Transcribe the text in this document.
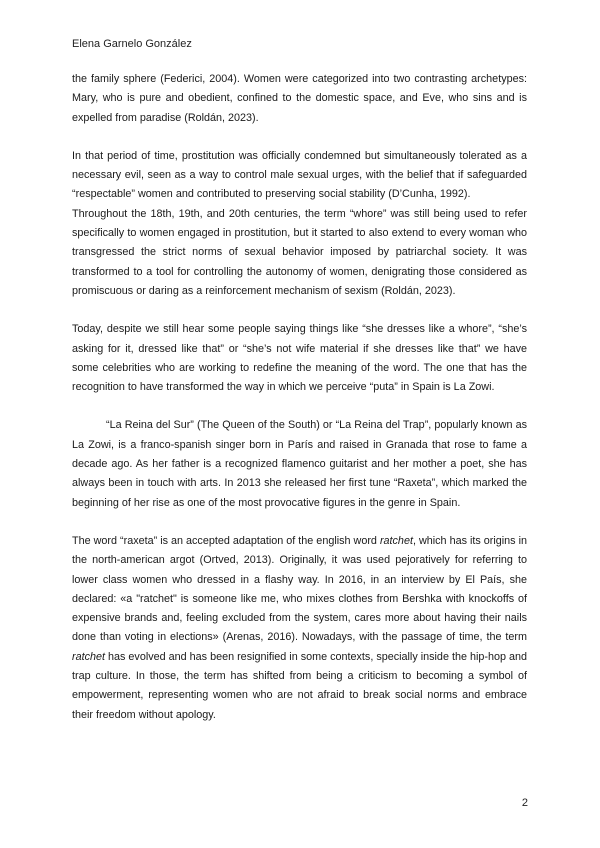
Elena Garnelo González

the family sphere (Federici, 2004). Women were categorized into two contrasting archetypes: Mary, who is pure and obedient, confined to the domestic space, and Eve, who sins and is expelled from paradise (Roldán, 2023).

In that period of time, prostitution was officially condemned but simultaneously tolerated as a necessary evil, seen as a way to control male sexual urges, with the belief that if safeguarded “respectable” women and contributed to preserving social stability (D’Cunha, 1992).

Throughout the 18th, 19th, and 20th centuries, the term “whore” was still being used to refer specifically to women engaged in prostitution, but it started to also extend to every woman who transgressed the strict norms of sexual behavior imposed by patriarchal society. It was transformed to a tool for controlling the autonomy of women, denigrating those considered as promiscuous or daring as a reinforcement mechanism of sexism (Roldán, 2023).

Today, despite we still hear some people saying things like “she dresses like a whore”, “she’s asking for it, dressed like that” or “she’s not wife material if she dresses like that” we have some celebrities who are working to redefine the meaning of the word. The one that has the recognition to have transformed the way in which we perceive “puta” in Spain is La Zowi.

“La Reina del Sur” (The Queen of the South) or “La Reina del Trap”, popularly known as La Zowi, is a franco-spanish singer born in París and raised in Granada that rose to fame a decade ago. As her father is a recognized flamenco guitarist and her mother a poet, she has always been in touch with arts. In 2013 she released her first tune “Raxeta”, which marked the beginning of her rise as one of the most provocative figures in the genre in Spain.

The word “raxeta” is an accepted adaptation of the english word ratchet, which has its origins in the north-american argot (Ortved, 2013). Originally, it was used pejoratively for referring to lower class women who dressed in a flashy way. In 2016, in an interview by El País, she declared: «a "ratchet" is someone like me, who mixes clothes from Bershka with knockoffs of expensive brands and, feeling excluded from the system, cares more about having their nails done than voting in elections» (Arenas, 2016). Nowadays, with the passage of time, the term ratchet has evolved and has been resignified in some contexts, specially inside the hip-hop and trap culture. In those, the term has shifted from being a criticism to becoming a symbol of empowerment, representing women who are not afraid to break social norms and embrace their freedom without apology.

2
